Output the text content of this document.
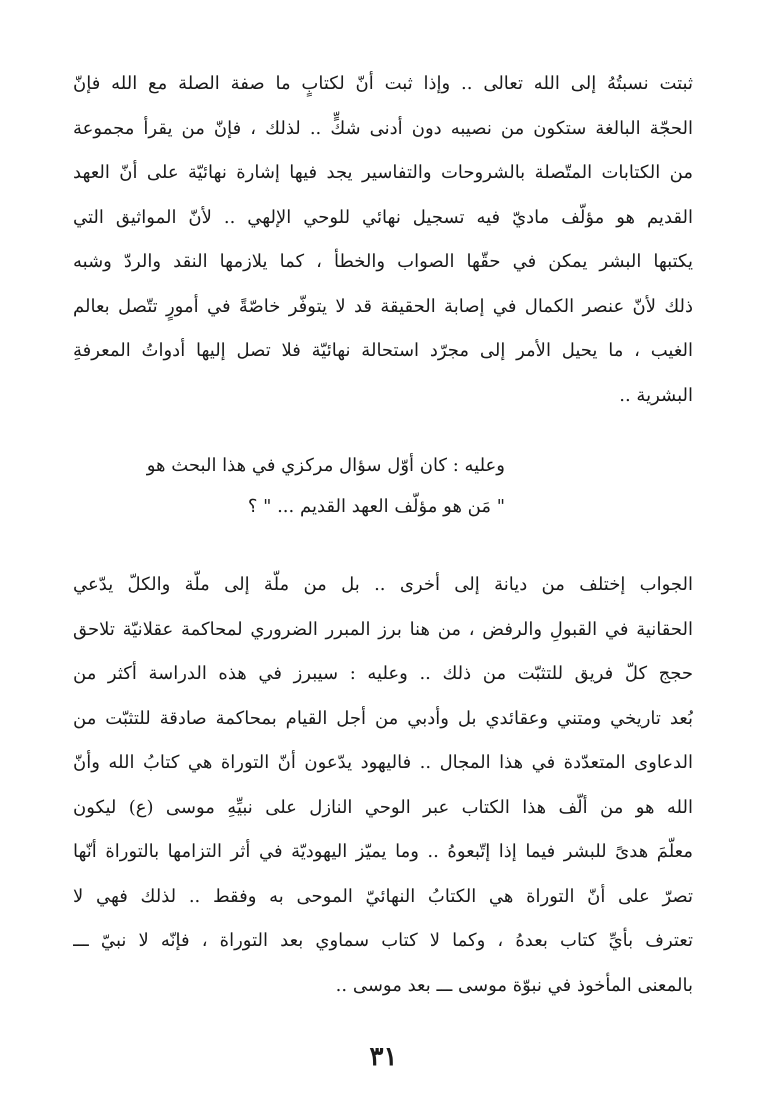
ثبتت نسبتُهُ إلى الله تعالى .. وإذا ثبت أنّ لكتابٍ ما صفة الصلة مع الله فإنّ
الحجّة البالغة ستكون من نصيبه دون أدنى شكٍّ .. لذلك ، فإنّ من يقرأ مجموعة
من الكتابات المتّصلة بالشروحات والتفاسير يجد فيها إشارة نهائيّة على أنّ العهد
القديم هو مؤلّف ماديّ فيه تسجيل نهائي للوحي الإلهي .. لأنّ المواثيق التي
يكتبها البشر يمكن في حقّها الصواب والخطأ ، كما يلازمها النقد والردّ وشبه
ذلك لأنّ عنصر الكمال في إصابة الحقيقة قد لا يتوفّر خاصّةً في أمورٍ تتّصل بعالم
الغيب ، ما يحيل الأمر إلى مجرّد استحالة نهائيّة فلا تصل إليها أدواتُ المعرفةِ
البشرية ..
وعليه : كان أوّل سؤال مركزي في هذا البحث هو
" مَن هو مؤلّف العهد القديم ... " ؟
الجواب إختلف من ديانة إلى أخرى .. بل من ملّة إلى ملّة والكلّ يدّعي
الحقانية في القبولِ والرفض ، من هنا برز المبرر الضروري لمحاكمة عقلانيّة تلاحق
حجج كلّ فريق للتثبّت من ذلك .. وعليه : سيبرز في هذه الدراسة أكثر من
بُعد تاريخي ومتني وعقائدي بل وأدبي من أجل القيام بمحاكمة صادقة للتثبّت من
الدعاوى المتعدّدة في هذا المجال .. فاليهود يدّعون أنّ التوراة هي كتابُ الله وأنّ
الله هو من ألّف هذا الكتاب عبر الوحي النازل على نبيِّهِ موسى (ع) ليكون
معلّمَ هدىً للبشر فيما إذا إتّبعوهُ .. وما يميّز اليهوديّة في أثر التزامها بالتوراة أنّها
تصرّ على أنّ التوراة هي الكتابُ النهائيّ الموحى به وفقط .. لذلك فهي لا
تعترف بأيِّ كتاب بعدهُ ، وكما لا كتاب سماوي بعد التوراة ، فإنّه لا نبيّ ـــ
بالمعنى المأخوذ في نبوّة موسى ـــ بعد موسى ..
٣١
